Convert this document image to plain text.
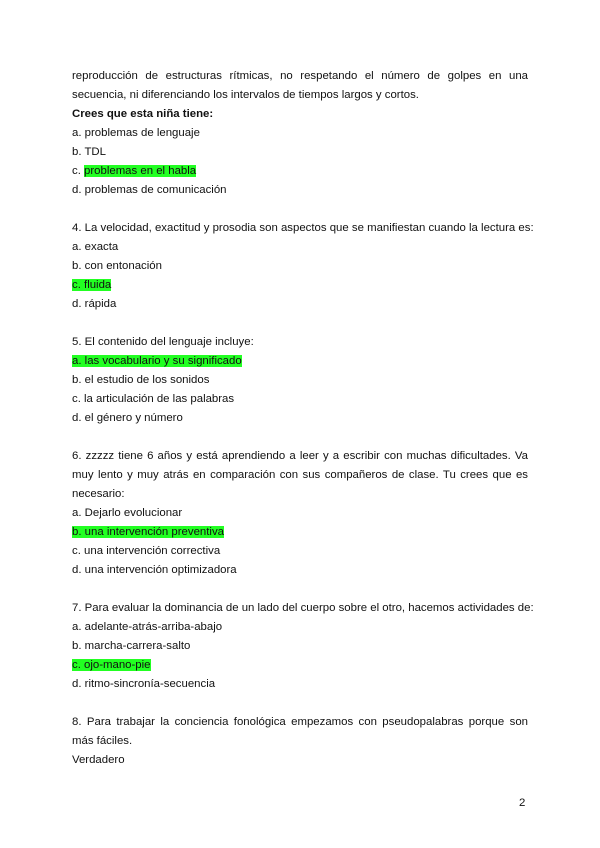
reproducción de estructuras rítmicas, no respetando el número de golpes en una secuencia, ni diferenciando los intervalos de tiempos largos y cortos.
Crees que esta niña tiene:
a. problemas de lenguaje
b. TDL
c. problemas en el habla
d. problemas de comunicación
4. La velocidad, exactitud y prosodia son aspectos que se manifiestan cuando la lectura es:
a. exacta
b. con entonación
c. fluida
d. rápida
5. El contenido del lenguaje incluye:
a. las vocabulario y su significado
b. el estudio de los sonidos
c. la articulación de las palabras
d. el género y número
6. zzzzz tiene 6 años y está aprendiendo a leer y a escribir con muchas dificultades. Va muy lento y muy atrás en comparación con sus compañeros de clase. Tu crees que es necesario:
a. Dejarlo evolucionar
b. una intervención preventiva
c. una intervención correctiva
d. una intervención optimizadora
7. Para evaluar la dominancia de un lado del cuerpo sobre el otro, hacemos actividades de:
a. adelante-atrás-arriba-abajo
b. marcha-carrera-salto
c. ojo-mano-pie
d. ritmo-sincronía-secuencia
8. Para trabajar la conciencia fonológica empezamos con pseudopalabras porque son más fáciles.
Verdadero
2
